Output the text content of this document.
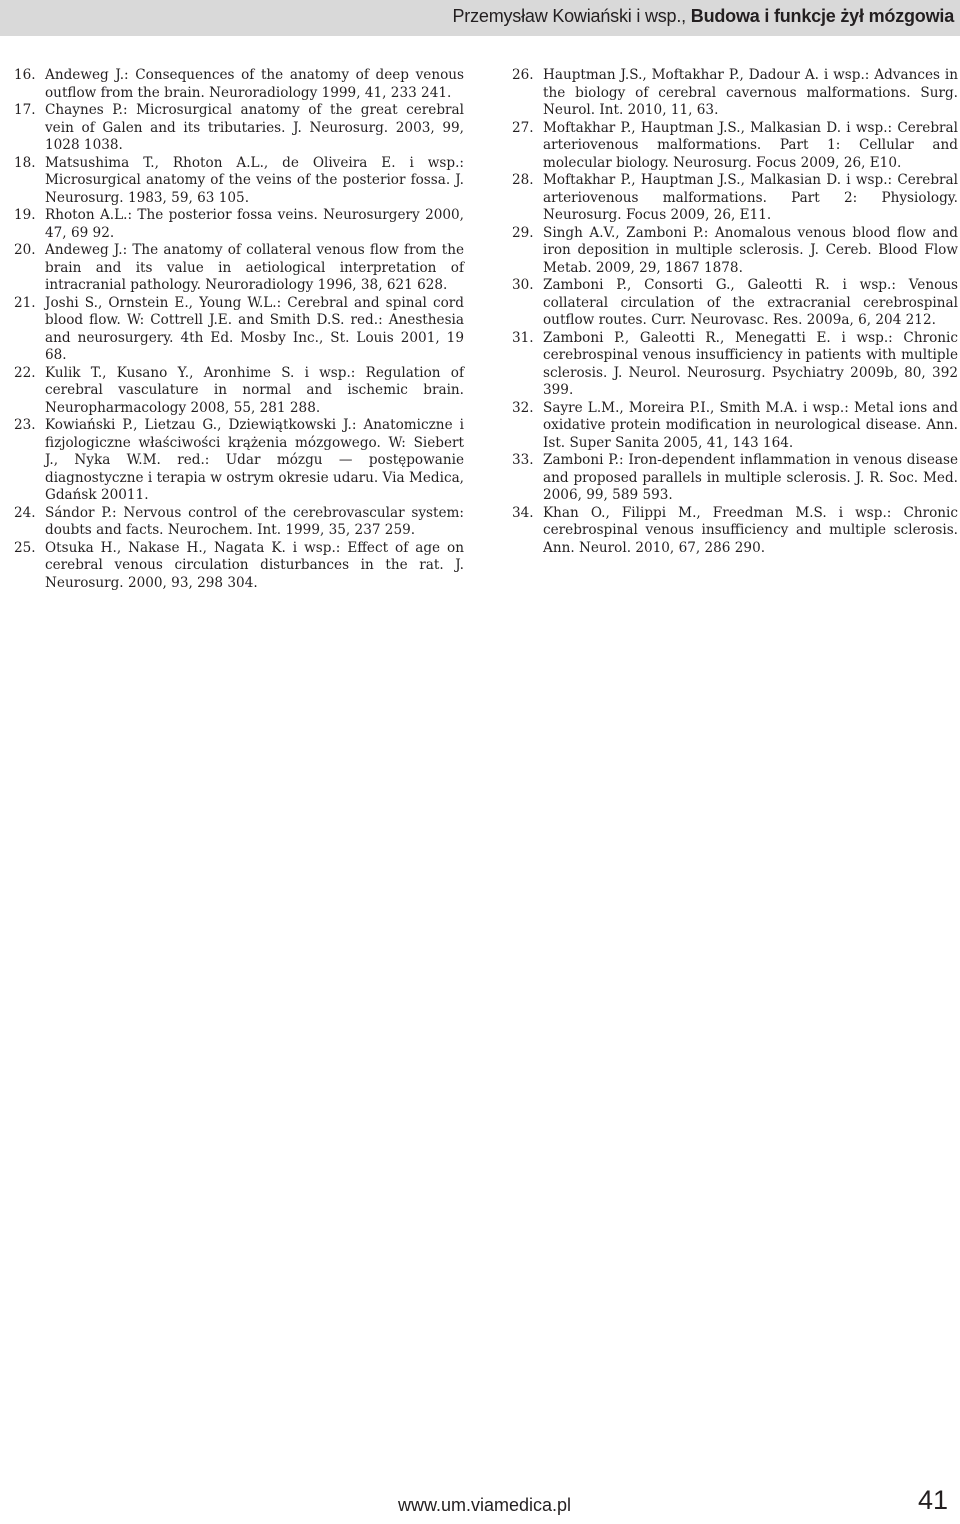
Przemysław Kowiański i wsp., Budowa i funkcje żył mózgowia

16. Andeweg J.: Consequences of the anatomy of deep venous outflow from the brain. Neuroradiology 1999, 41, 233 241.

17. Chaynes P.: Microsurgical anatomy of the great cerebral vein of Galen and its tributaries. J. Neurosurg. 2003, 99, 1028 1038.

18. Matsushima T., Rhoton A.L., de Oliveira E. i wsp.: Microsurgical anatomy of the veins of the posterior fossa. J. Neurosurg. 1983, 59, 63 105.

19. Rhoton A.L.: The posterior fossa veins. Neurosurgery 2000, 47, 69 92.

20. Andeweg J.: The anatomy of collateral venous flow from the brain and its value in aetiological interpretation of intracranial pathology. Neuroradiology 1996, 38, 621 628.

21. Joshi S., Ornstein E., Young W.L.: Cerebral and spinal cord blood flow. W: Cottrell J.E. and Smith D.S. red.: Anesthesia and neurosurgery. 4th Ed. Mosby Inc., St. Louis 2001, 19 68.

22. Kulik T., Kusano Y., Aronhime S. i wsp.: Regulation of cerebral vasculature in normal and ischemic brain. Neuropharmacology 2008, 55, 281 288.

23. Kowiański P., Lietzau G., Dziewiątkowski J.: Anatomiczne i fizjologiczne właściwości krążenia mózgowego. W: Siebert J., Nyka W.M. red.: Udar mózgu — postępowanie diagnostyczne i terapia w ostrym okresie udaru. Via Medica, Gdańsk 20011.

24. Sándor P.: Nervous control of the cerebrovascular system: doubts and facts. Neurochem. Int. 1999, 35, 237 259.

25. Otsuka H., Nakase H., Nagata K. i wsp.: Effect of age on cerebral venous circulation disturbances in the rat. J. Neurosurg. 2000, 93, 298 304.

26. Hauptman J.S., Moftakhar P., Dadour A. i wsp.: Advances in the biology of cerebral cavernous malformations. Surg. Neurol. Int. 2010, 11, 63.

27. Moftakhar P., Hauptman J.S., Malkasian D. i wsp.: Cerebral arteriovenous malformations. Part 1: Cellular and molecular biology. Neurosurg. Focus 2009, 26, E10.

28. Moftakhar P., Hauptman J.S., Malkasian D. i wsp.: Cerebral arteriovenous malformations. Part 2: Physiology. Neurosurg. Focus 2009, 26, E11.

29. Singh A.V., Zamboni P.: Anomalous venous blood flow and iron deposition in multiple sclerosis. J. Cereb. Blood Flow Metab. 2009, 29, 1867 1878.

30. Zamboni P., Consorti G., Galeotti R. i wsp.: Venous collateral circulation of the extracranial cerebrospinal outflow routes. Curr. Neurovasc. Res. 2009a, 6, 204 212.

31. Zamboni P., Galeotti R., Menegatti E. i wsp.: Chronic cerebrospinal venous insufficiency in patients with multiple sclerosis. J. Neurol. Neurosurg. Psychiatry 2009b, 80, 392 399.

32. Sayre L.M., Moreira P.I., Smith M.A. i wsp.: Metal ions and oxidative protein modification in neurological disease. Ann. Ist. Super Sanita 2005, 41, 143 164.

33. Zamboni P.: Iron-dependent inflammation in venous disease and proposed parallels in multiple sclerosis. J. R. Soc. Med. 2006, 99, 589 593.

34. Khan O., Filippi M., Freedman M.S. i wsp.: Chronic cerebrospinal venous insufficiency and multiple sclerosis. Ann. Neurol. 2010, 67, 286 290.

www.um.viamedica.pl	41
